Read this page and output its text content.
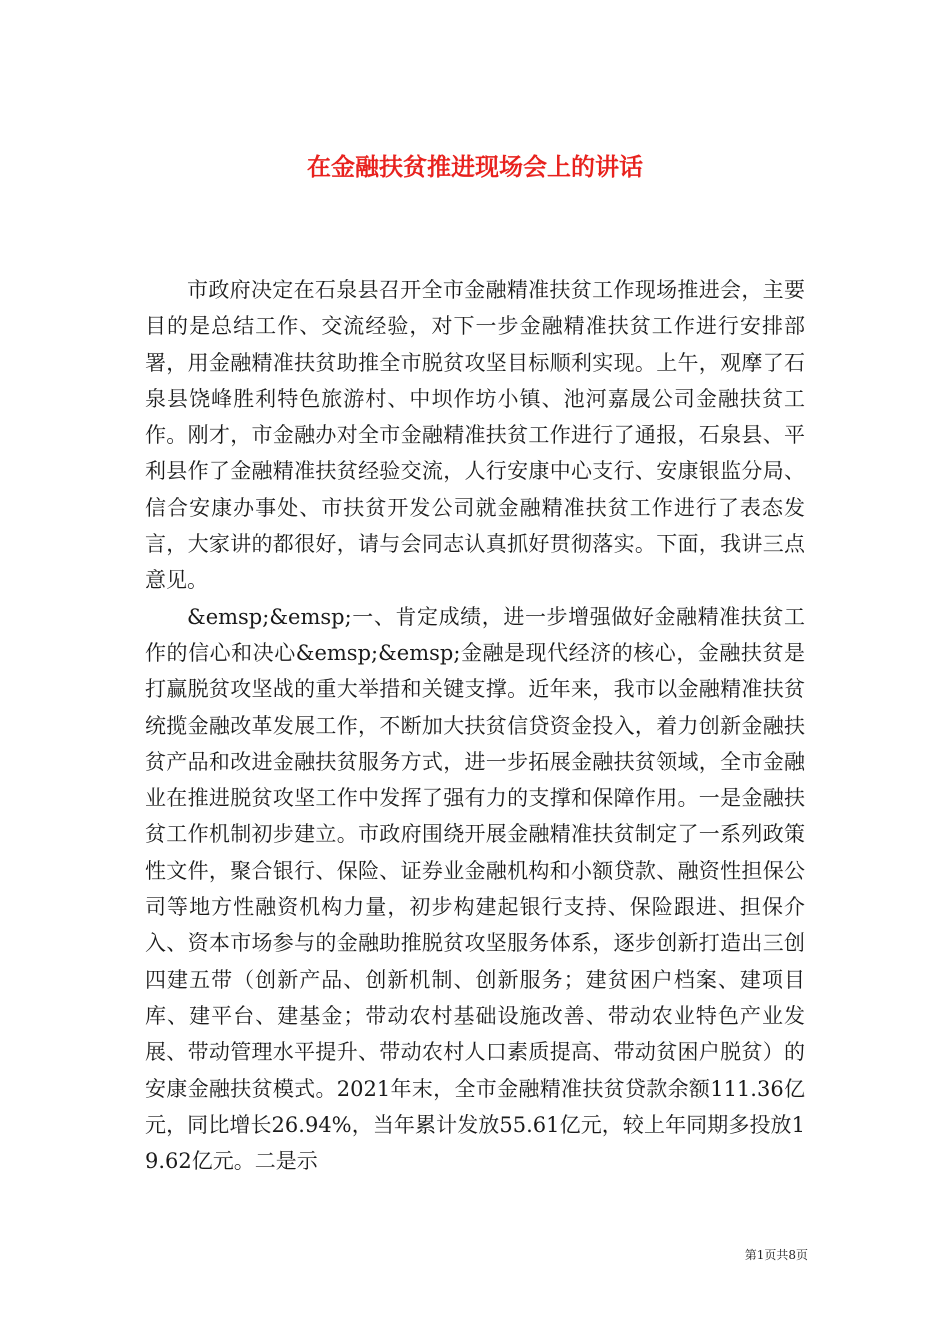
在金融扶贫推进现场会上的讲话

市政府决定在石泉县召开全市金融精准扶贫工作现场推进会，主要目的是总结工作、交流经验，对下一步金融精准扶贫工作进行安排部署，用金融精准扶贫助推全市脱贫攻坚目标顺利实现。上午，观摩了石泉县饶峰胜利特色旅游村、中坝作坊小镇、池河嘉晟公司金融扶贫工作。刚才，市金融办对全市金融精准扶贫工作进行了通报，石泉县、平利县作了金融精准扶贫经验交流，人行安康中心支行、安康银监分局、信合安康办事处、市扶贫开发公司就金融精准扶贫工作进行了表态发言，大家讲的都很好，请与会同志认真抓好贯彻落实。下面，我讲三点意见。

&emsp;&emsp;一、肯定成绩，进一步增强做好金融精准扶贫工作的信心和决心&emsp;&emsp;金融是现代经济的核心，金融扶贫是打赢脱贫攻坚战的重大举措和关键支撑。近年来，我市以金融精准扶贫统揽金融改革发展工作，不断加大扶贫信贷资金投入，着力创新金融扶贫产品和改进金融扶贫服务方式，进一步拓展金融扶贫领域，全市金融业在推进脱贫攻坚工作中发挥了强有力的支撑和保障作用。一是金融扶贫工作机制初步建立。市政府围绕开展金融精准扶贫制定了一系列政策性文件，聚合银行、保险、证券业金融机构和小额贷款、融资性担保公司等地方性融资机构力量，初步构建起银行支持、保险跟进、担保介入、资本市场参与的金融助推脱贫攻坚服务体系，逐步创新打造出三创四建五带（创新产品、创新机制、创新服务；建贫困户档案、建项目库、建平台、建基金；带动农村基础设施改善、带动农业特色产业发展、带动管理水平提升、带动农村人口素质提高、带动贫困户脱贫）的安康金融扶贫模式。2021年末，全市金融精准扶贫贷款余额111.36亿元，同比增长26.94%，当年累计发放55.61亿元，较上年同期多投放19.62亿元。二是示

第1页共8页
